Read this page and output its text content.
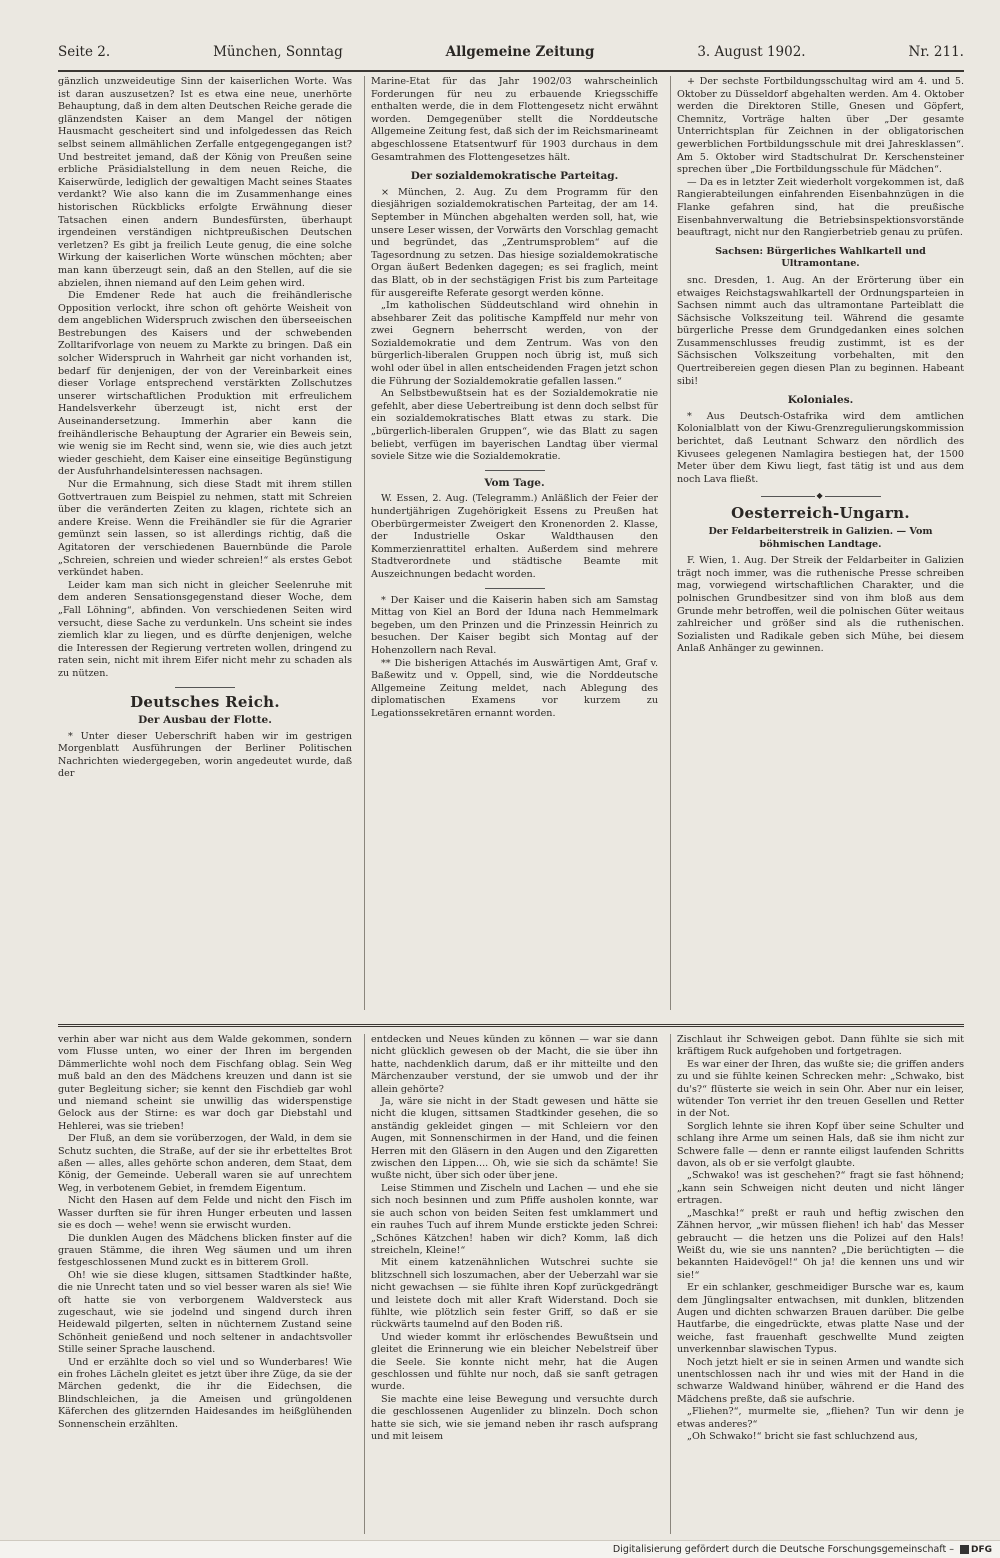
Seite 2.	München, Sonntag	Allgemeine Zeitung	3. August 1902.	Nr. 211.

gänzlich unzweideutige Sinn der kaiserlichen Worte. Was ist daran auszusetzen? Ist es etwa eine neue, unerhörte Behauptung, daß in dem alten Deutschen Reiche gerade die glänzendsten Kaiser an dem Mangel der nötigen Hausmacht gescheitert sind und infolgedessen das Reich selbst seinem allmählichen Zerfalle entgegengegangen ist? Und bestreitet jemand, daß der König von Preußen seine erbliche Präsidialstellung in dem neuen Reiche, die Kaiserwürde, lediglich der gewaltigen Macht seines Staates verdankt? Wie also kann die im Zusammenhange eines historischen Rückblicks erfolgte Erwähnung dieser Tatsachen einen andern Bundesfürsten, überhaupt irgendeinen verständigen nichtpreußischen Deutschen verletzen? Es gibt ja freilich Leute genug, die eine solche Wirkung der kaiserlichen Worte wünschen möchten; aber man kann überzeugt sein, daß an den Stellen, auf die sie abzielen, ihnen niemand auf den Leim gehen wird.

Die Emdener Rede hat auch die freihändlerische Opposition verlockt, ihre schon oft gehörte Weisheit von dem angeblichen Widerspruch zwischen den überseeischen Bestrebungen des Kaisers und der schwebenden Zolltarifvorlage von neuem zu Markte zu bringen. Daß ein solcher Widerspruch in Wahrheit gar nicht vorhanden ist, bedarf für denjenigen, der von der Vereinbarkeit eines dieser Vorlage entsprechend verstärkten Zollschutzes unserer wirtschaftlichen Produktion mit erfreulichem Handelsverkehr überzeugt ist, nicht erst der Auseinandersetzung. Immerhin aber kann die freihändlerische Behauptung der Agrarier ein Beweis sein, wie wenig sie im Recht sind, wenn sie, wie dies auch jetzt wieder geschieht, dem Kaiser eine einseitige Begünstigung der Ausfuhrhandelsinteressen nachsagen.

Nur die Ermahnung, sich diese Stadt mit ihrem stillen Gottvertrauen zum Beispiel zu nehmen, statt mit Schreien über die veränderten Zeiten zu klagen, richtete sich an andere Kreise. Wenn die Freihändler sie für die Agrarier gemünzt sein lassen, so ist allerdings richtig, daß die Agitatoren der verschiedenen Bauernbünde die Parole „Schreien, schreien und wieder schreien!“ als erstes Gebot verkündet haben.

Leider kam man sich nicht in gleicher Seelenruhe mit dem anderen Sensationsgegenstand dieser Woche, dem „Fall Löhning“, abfinden. Von verschiedenen Seiten wird versucht, diese Sache zu verdunkeln. Uns scheint sie indes ziemlich klar zu liegen, und es dürfte denjenigen, welche die Interessen der Regierung vertreten wollen, dringend zu raten sein, nicht mit ihrem Eifer nicht mehr zu schaden als zu nützen.

Deutsches Reich.
Der Ausbau der Flotte.

* Unter dieser Ueberschrift haben wir im gestrigen Morgenblatt Ausführungen der Berliner Politischen Nachrichten wiedergegeben, worin angedeutet wurde, daß der

Marine-Etat für das Jahr 1902/03 wahrscheinlich Forderungen für neu zu erbauende Kriegsschiffe enthalten werde, die in dem Flottengesetz nicht erwähnt worden. Demgegenüber stellt die Norddeutsche Allgemeine Zeitung fest, daß sich der im Reichsmarineamt abgeschlossene Etatsentwurf für 1903 durchaus in dem Gesamtrahmen des Flottengesetzes hält.

Der sozialdemokratische Parteitag.

× München, 2. Aug. Zu dem Programm für den diesjährigen sozialdemokratischen Parteitag, der am 14. September in München abgehalten werden soll, hat, wie unsere Leser wissen, der Vorwärts den Vorschlag gemacht und begründet, das „Zentrumsproblem“ auf die Tagesordnung zu setzen. Das hiesige sozialdemokratische Organ äußert Bedenken dagegen; es sei fraglich, meint das Blatt, ob in der sechstägigen Frist bis zum Parteitage für ausgereifte Referate gesorgt werden könne.

„Im katholischen Süddeutschland wird ohnehin in absehbarer Zeit das politische Kampffeld nur mehr von zwei Gegnern beherrscht werden, von der Sozialdemokratie und dem Zentrum. Was von den bürgerlich-liberalen Gruppen noch übrig ist, muß sich wohl oder übel in allen entscheidenden Fragen jetzt schon die Führung der Sozialdemokratie gefallen lassen.“

An Selbstbewußtsein hat es der Sozialdemokratie nie gefehlt, aber diese Uebertreibung ist denn doch selbst für ein sozialdemokratisches Blatt etwas zu stark. Die „bürgerlich-liberalen Gruppen“, wie das Blatt zu sagen beliebt, verfügen im bayerischen Landtag über viermal soviele Sitze wie die Sozialdemokratie.

Vom Tage.

W. Essen, 2. Aug. (Telegramm.) Anläßlich der Feier der hundertjährigen Zugehörigkeit Essens zu Preußen hat Oberbürgermeister Zweigert den Kronenorden 2. Klasse, der Industrielle Oskar Waldthausen den Kommerzienrattitel erhalten. Außerdem sind mehrere Stadtverordnete und städtische Beamte mit Auszeichnungen bedacht worden.

* Der Kaiser und die Kaiserin haben sich am Samstag Mittag von Kiel an Bord der Iduna nach Hemmelmark begeben, um den Prinzen und die Prinzessin Heinrich zu besuchen. Der Kaiser begibt sich Montag auf der Hohenzollern nach Reval.

** Die bisherigen Attachés im Auswärtigen Amt, Graf v. Baßewitz und v. Oppell, sind, wie die Norddeutsche Allgemeine Zeitung meldet, nach Ablegung des diplomatischen Examens vor kurzem zu Legationssekretären ernannt worden.

+ Der sechste Fortbildungsschultag wird am 4. und 5. Oktober zu Düsseldorf abgehalten werden. Am 4. Oktober werden die Direktoren Stille, Gnesen und Göpfert, Chemnitz, Vorträge halten über „Der gesamte Unterrichtsplan für Zeichnen in der obligatorischen gewerblichen Fortbildungsschule mit drei Jahresklassen“. Am 5. Oktober wird Stadtschulrat Dr. Kerschensteiner sprechen über „Die Fortbildungsschule für Mädchen“.

— Da es in letzter Zeit wiederholt vorgekommen ist, daß Rangierabteilungen einfahrenden Eisenbahnzügen in die Flanke gefahren sind, hat die preußische Eisenbahnverwaltung die Betriebsinspektionsvorstände beauftragt, nicht nur den Rangierbetrieb genau zu prüfen.

Sachsen: Bürgerliches Wahlkartell und Ultramontane.

snc. Dresden, 1. Aug. An der Erörterung über ein etwaiges Reichstagswahlkartell der Ordnungsparteien in Sachsen nimmt auch das ultramontane Parteiblatt die Sächsische Volkszeitung teil. Während die gesamte bürgerliche Presse dem Grundgedanken eines solchen Zusammenschlusses freudig zustimmt, ist es der Sächsischen Volkszeitung vorbehalten, mit den Quertreibereien gegen diesen Plan zu beginnen. Habeant sibi!

Koloniales.

* Aus Deutsch-Ostafrika wird dem amtlichen Kolonialblatt von der Kiwu-Grenzregulierungskommission berichtet, daß Leutnant Schwarz den nördlich des Kivusees gelegenen Namlagira bestiegen hat, der 1500 Meter über dem Kiwu liegt, fast tätig ist und aus dem noch Lava fließt.

◆
Oesterreich-Ungarn.
Der Feldarbeiterstreik in Galizien. — Vom böhmischen Landtage.

F. Wien, 1. Aug. Der Streik der Feldarbeiter in Galizien trägt noch immer, was die ruthenische Presse schreiben mag, vorwiegend wirtschaftlichen Charakter, und die polnischen Grundbesitzer sind von ihm bloß aus dem Grunde mehr betroffen, weil die polnischen Güter weitaus zahlreicher und größer sind als die ruthenischen. Sozialisten und Radikale geben sich Mühe, bei diesem Anlaß Anhänger zu gewinnen.

verhin aber war nicht aus dem Walde gekommen, sondern vom Flusse unten, wo einer der Ihren im bergenden Dämmerlichte wohl noch dem Fischfang oblag. Sein Weg muß bald an den des Mädchens kreuzen und dann ist sie guter Begleitung sicher; sie kennt den Fischdieb gar wohl und niemand scheint sie unwillig das widerspenstige Gelock aus der Stirne: es war doch gar Diebstahl und Hehlerei, was sie trieben!

Der Fluß, an dem sie vorüberzogen, der Wald, in dem sie Schutz suchten, die Straße, auf der sie ihr erbetteltes Brot aßen — alles, alles gehörte schon anderen, dem Staat, dem König, der Gemeinde. Ueberall waren sie auf unrechtem Weg, in verbotenem Gebiet, in fremdem Eigentum.

Nicht den Hasen auf dem Felde und nicht den Fisch im Wasser durften sie für ihren Hunger erbeuten und lassen sie es doch — wehe! wenn sie erwischt wurden.

Die dunklen Augen des Mädchens blicken finster auf die grauen Stämme, die ihren Weg säumen und um ihren festgeschlossenen Mund zuckt es in bitterem Groll.

Oh! wie sie diese klugen, sittsamen Stadtkinder haßte, die nie Unrecht taten und so viel besser waren als sie! Wie oft hatte sie von verborgenem Waldversteck aus zugeschaut, wie sie jodelnd und singend durch ihren Heidewald pilgerten, selten in nüchternem Zustand seine Schönheit genießend und noch seltener in andachtsvoller Stille seiner Sprache lauschend.

Und er erzählte doch so viel und so Wunderbares! Wie ein frohes Lächeln gleitet es jetzt über ihre Züge, da sie der Märchen gedenkt, die ihr die Eidechsen, die Blindschleichen, ja die Ameisen und grüngoldenen Käferchen des glitzernden Haidesandes im heißglühenden Sonnenschein erzählten.

entdecken und Neues künden zu können — war sie dann nicht glücklich gewesen ob der Macht, die sie über ihn hatte, nachdenklich darum, daß er ihr mitteilte und den Märchenzauber verstund, der sie umwob und der ihr allein gehörte?

Ja, wäre sie nicht in der Stadt gewesen und hätte sie nicht die klugen, sittsamen Stadtkinder gesehen, die so anständig gekleidet gingen — mit Schleiern vor den Augen, mit Sonnenschirmen in der Hand, und die feinen Herren mit den Gläsern in den Augen und den Zigaretten zwischen den Lippen.... Oh, wie sie sich da schämte! Sie wußte nicht, über sich oder über jene.

Leise Stimmen und Zischeln und Lachen — und ehe sie sich noch besinnen und zum Pfiffe ausholen konnte, war sie auch schon von beiden Seiten fest umklammert und ein rauhes Tuch auf ihrem Munde erstickte jeden Schrei: „Schönes Kätzchen! haben wir dich? Komm, laß dich streicheln, Kleine!“

Mit einem katzenähnlichen Wutschrei suchte sie blitzschnell sich loszumachen, aber der Ueberzahl war sie nicht gewachsen — sie fühlte ihren Kopf zurückgedrängt und leistete doch mit aller Kraft Widerstand. Doch sie fühlte, wie plötzlich sein fester Griff, so daß er sie rückwärts taumelnd auf den Boden riß.

Und wieder kommt ihr erlöschendes Bewußtsein und gleitet die Erinnerung wie ein bleicher Nebelstreif über die Seele. Sie konnte nicht mehr, hat die Augen geschlossen und fühlte nur noch, daß sie sanft getragen wurde.

Sie machte eine leise Bewegung und versuchte durch die geschlossenen Augenlider zu blinzeln. Doch schon hatte sie sich, wie sie jemand neben ihr rasch aufsprang und mit leisem

Zischlaut ihr Schweigen gebot. Dann fühlte sie sich mit kräftigem Ruck aufgehoben und fortgetragen.

Es war einer der Ihren, das wußte sie; die griffen anders zu und sie fühlte keinen Schrecken mehr: „Schwako, bist du's?“ flüsterte sie weich in sein Ohr. Aber nur ein leiser, wütender Ton verriet ihr den treuen Gesellen und Retter in der Not.

Sorglich lehnte sie ihren Kopf über seine Schulter und schlang ihre Arme um seinen Hals, daß sie ihm nicht zur Schwere falle — denn er rannte eiligst laufenden Schritts davon, als ob er sie verfolgt glaubte.

„Schwako! was ist geschehen?“ fragt sie fast höhnend; „kann sein Schweigen nicht deuten und nicht länger ertragen.

„Maschka!“ preßt er rauh und heftig zwischen den Zähnen hervor, „wir müssen fliehen! ich hab' das Messer gebraucht — die hetzen uns die Polizei auf den Hals! Weißt du, wie sie uns nannten? „Die berüchtigten — die bekannten Haidevögel!“ Oh ja! die kennen uns und wir sie!“

Er ein schlanker, geschmeidiger Bursche war es, kaum dem Jünglingsalter entwachsen, mit dunklen, blitzenden Augen und dichten schwarzen Brauen darüber. Die gelbe Hautfarbe, die eingedrückte, etwas platte Nase und der weiche, fast frauenhaft geschwellte Mund zeigten unverkennbar slawischen Typus.

Noch jetzt hielt er sie in seinen Armen und wandte sich unentschlossen nach ihr und wies mit der Hand in die schwarze Waldwand hinüber, während er die Hand des Mädchens preßte, daß sie aufschrie.

„Fliehen?“, murmelte sie, „fliehen? Tun wir denn je etwas anderes?“

„Oh Schwako!“ bricht sie fast schluchzend aus,

Digitalisierung gefördert durch die Deutsche Forschungsgemeinschaft – DFG
